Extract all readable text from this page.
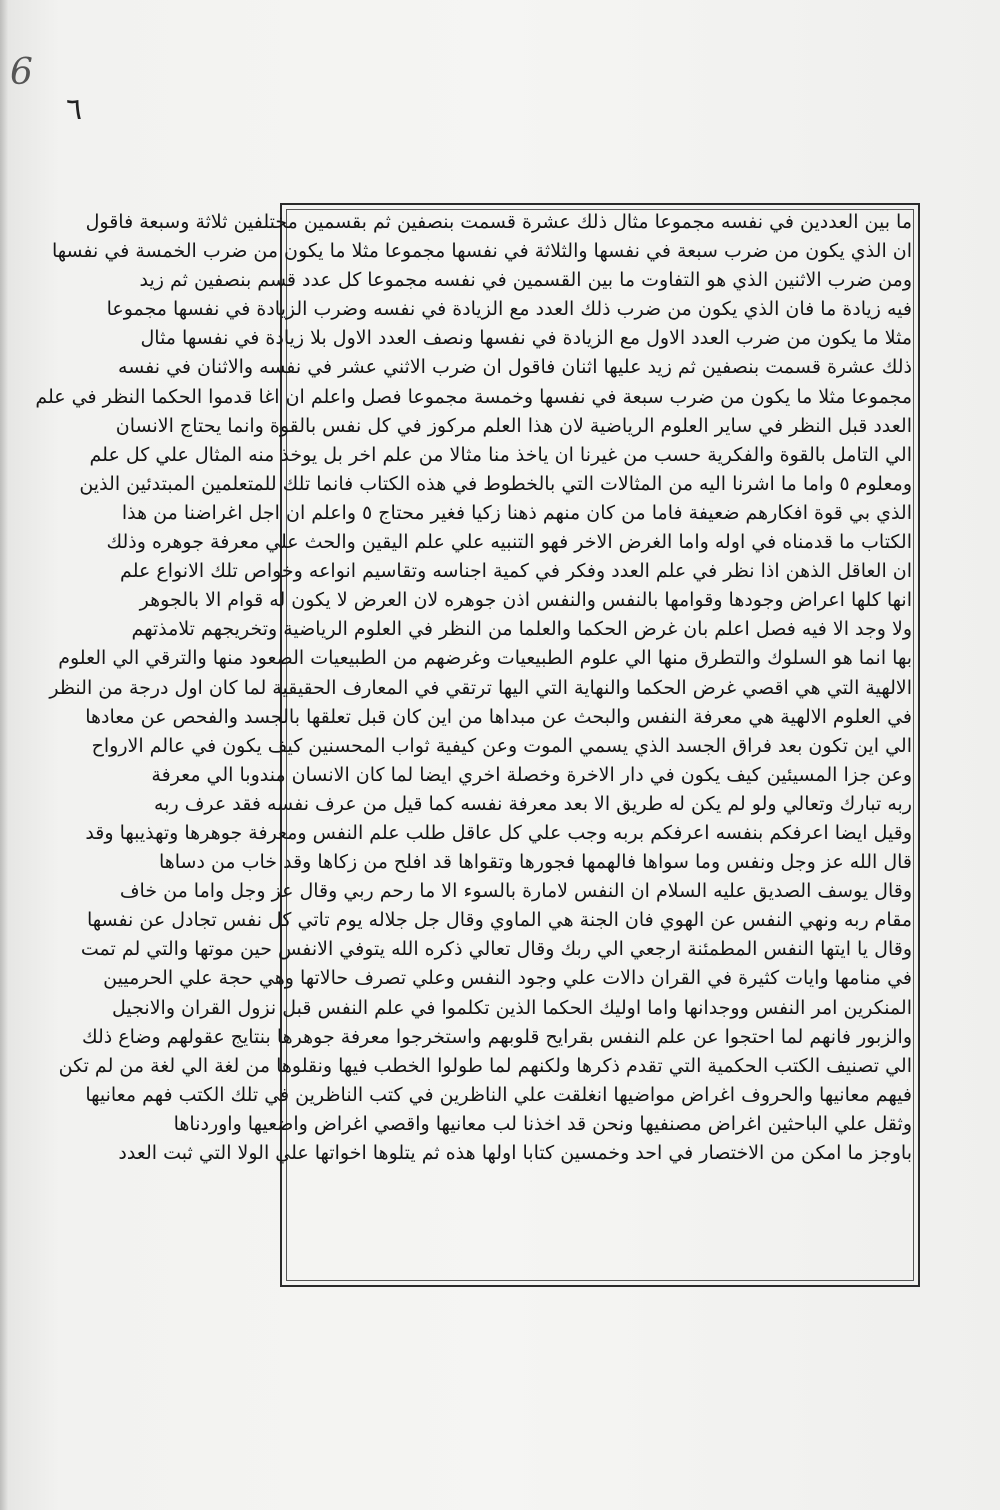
6
٦
ما بين العددين في نفسه مجموعا مثال ذلك عشرة قسمت بنصفين ثم بقسمين مختلفين ثلاثة وسبعة فاقول
ان الذي يكون من ضرب سبعة في نفسها والثلاثة في نفسها مجموعا مثلا ما يكون من ضرب الخمسة في نفسها
ومن ضرب الاثنين الذي هو التفاوت ما بين القسمين في نفسه مجموعا كل عدد قسم بنصفين ثم زيد
فيه زيادة ما فان الذي يكون من ضرب ذلك العدد مع الزيادة في نفسه وضرب الزيادة في نفسها مجموعا
مثلا ما يكون من ضرب العدد الاول مع الزيادة في نفسها ونصف العدد الاول بلا زيادة في نفسها مثال
ذلك عشرة قسمت بنصفين ثم زيد عليها اثنان فاقول ان ضرب الاثني عشر في نفسه والاثنان في نفسه
مجموعا مثلا ما يكون من ضرب سبعة في نفسها وخمسة مجموعا فصل واعلم ان اغا قدموا الحكما النظر في علم
العدد قبل النظر في ساير العلوم الرياضية لان هذا العلم مركوز في كل نفس بالقوة وانما يحتاج الانسان
الي التامل بالقوة والفكرية حسب من غيرنا ان ياخذ منا مثالا من علم اخر بل يوخذ منه المثال علي كل علم
ومعلوم ٥ واما ما اشرنا اليه من المثالات التي بالخطوط في هذه الكتاب فانما تلك للمتعلمين المبتدئين الذين
الذي بي قوة افكارهم ضعيفة فاما من كان منهم ذهنا زكيا فغير محتاج ٥ واعلم ان اجل اغراضنا من هذا
الكتاب ما قدمناه في اوله واما الغرض الاخر فهو التنبيه علي علم اليقين والحث علي معرفة جوهره وذلك
ان العاقل الذهن اذا نظر في علم العدد وفكر في كمية اجناسه وتقاسيم انواعه وخواص تلك الانواع علم
انها كلها اعراض وجودها وقوامها بالنفس والنفس اذن جوهره لان العرض لا يكون له قوام الا بالجوهر
ولا وجد الا فيه فصل اعلم بان غرض الحكما والعلما من النظر في العلوم الرياضية وتخريجهم تلامذتهم
بها انما هو السلوك والتطرق منها الي علوم الطبيعيات وغرضهم من الطبيعيات الصعود منها والترقي الي العلوم
الالهية التي هي اقصي غرض الحكما والنهاية التي اليها ترتقي في المعارف الحقيقية لما كان اول درجة من النظر
في العلوم الالهية هي معرفة النفس والبحث عن مبداها من اين كان قبل تعلقها بالجسد والفحص عن معادها
الي اين تكون بعد فراق الجسد الذي يسمي الموت وعن كيفية ثواب المحسنين كيف يكون في عالم الارواح
وعن جزا المسيئين كيف يكون في دار الاخرة وخصلة اخري ايضا لما كان الانسان مندوبا الي معرفة
ربه تبارك وتعالي ولو لم يكن له طريق الا بعد معرفة نفسه كما قيل من عرف نفسه فقد عرف ربه
وقيل ايضا اعرفكم بنفسه اعرفكم بربه وجب علي كل عاقل طلب علم النفس ومعرفة جوهرها وتهذيبها وقد
قال الله عز وجل ونفس وما سواها فالهمها فجورها وتقواها قد افلح من زكاها وقد خاب من دساها
وقال يوسف الصديق عليه السلام ان النفس لامارة بالسوء الا ما رحم ربي وقال عز وجل واما من خاف
مقام ربه ونهي النفس عن الهوي فان الجنة هي الماوي وقال جل جلاله يوم تاتي كل نفس تجادل عن نفسها
وقال يا ايتها النفس المطمئنة ارجعي الي ربك وقال تعالي ذكره الله يتوفي الانفس حين موتها والتي لم تمت
في منامها وايات كثيرة في القران دالات علي وجود النفس وعلي تصرف حالاتها وهي حجة علي الحرميين
المنكرين امر النفس ووجدانها واما اوليك الحكما الذين تكلموا في علم النفس قبل نزول القران والانجيل
والزبور فانهم لما احتجوا عن علم النفس بقرايح قلوبهم واستخرجوا معرفة جوهرها بنتايج عقولهم وضاع ذلك
الي تصنيف الكتب الحكمية التي تقدم ذكرها ولكنهم لما طولوا الخطب فيها ونقلوها من لغة الي لغة من لم تكن
فيهم معانيها والحروف اغراض مواضيها انغلقت علي الناظرين في كتب الناظرين في تلك الكتب فهم معانيها
وثقل علي الباحثين اغراض مصنفيها ونحن قد اخذنا لب معانيها واقصي اغراض واضعيها واوردناها
باوجز ما امكن من الاختصار في احد وخمسين كتابا اولها هذه ثم يتلوها اخواتها علي الولا التي ثبت العدد
